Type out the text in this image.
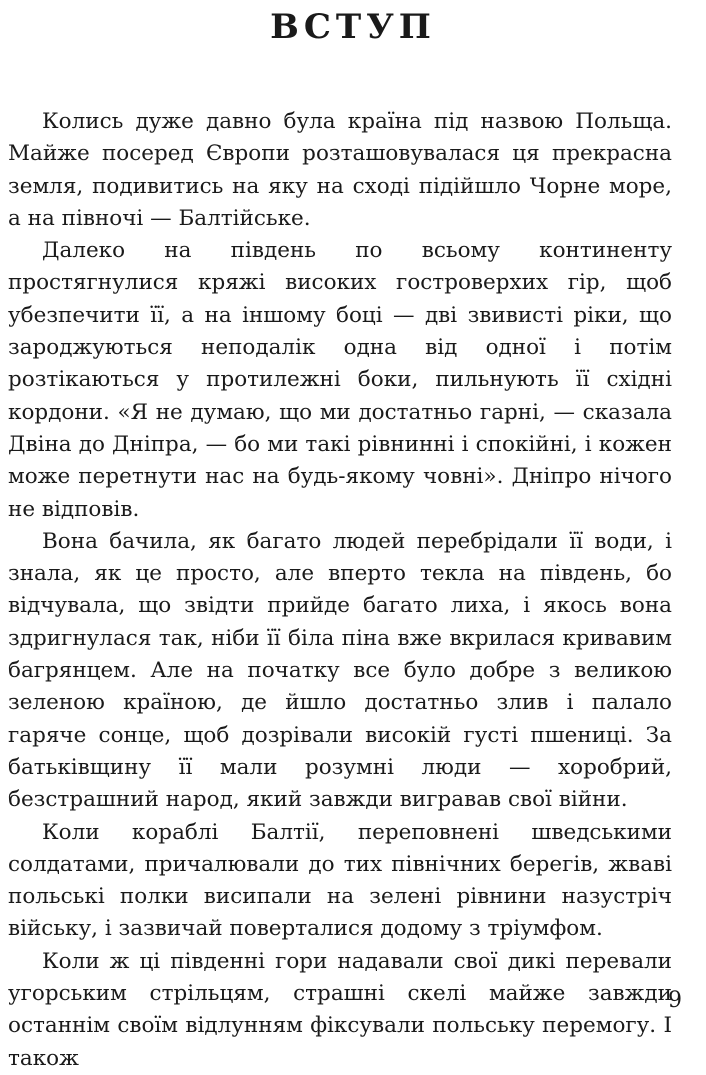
ВСТУП

Колись дуже давно була країна під назвою Польща. Майже посеред Європи розташовувалася ця прекрасна земля, подивитись на яку на сході підійшло Чорне море, а на півночі — Балтійське.

Далеко на південь по всьому континенту простягнулися кряжі високих гостроверхих гір, щоб убезпечити її, а на іншому боці — дві звивисті ріки, що зароджуються неподалік одна від одної і потім розтікаються у протилежні боки, пильнують її східні кордони. «Я не думаю, що ми достатньо гарні, — сказала Двіна до Дніпра, — бо ми такі рівнинні і спокійні, і кожен може перетнути нас на будь-якому човні». Дніпро нічого не відповів.

Вона бачила, як багато людей перебрідали її води, і знала, як це просто, але вперто текла на південь, бо відчувала, що звідти прийде багато лиха, і якось вона здригнулася так, ніби її біла піна вже вкрилася кривавим багрянцем. Але на початку все було добре з великою зеленою країною, де йшло достатньо злив і палало гаряче сонце, щоб дозрівали високій густі пшениці. За батьківщину її мали розумні люди — хоробрий, безстрашний народ, який завжди вигравав свої війни.

Коли кораблі Балтії, переповнені шведськими солдатами, причалювали до тих північних берегів, жваві польські полки висипали на зелені рівнини назустріч війську, і зазвичай поверталися додому з тріумфом.

Коли ж ці південні гори надавали свої дикі перевали угорським стрільцям, страшні скелі майже завжди останнім своїм відлунням фіксували польську перемогу. І також

9
